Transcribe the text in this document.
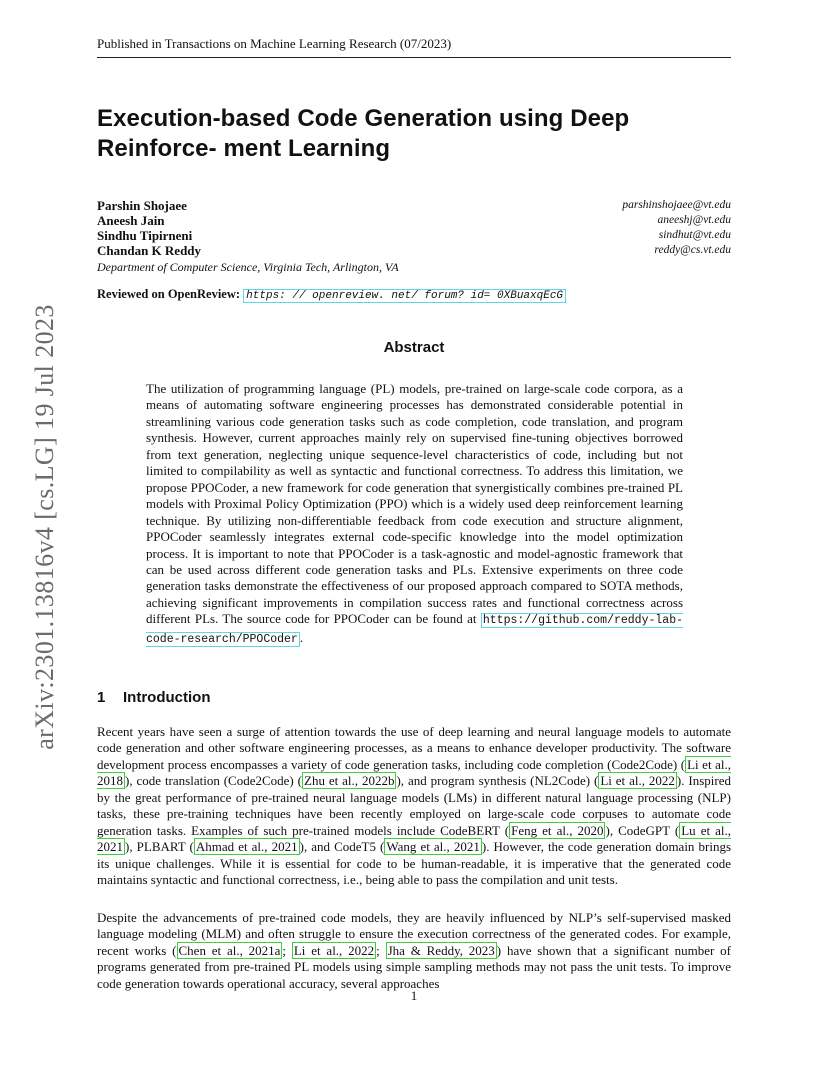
Published in Transactions on Machine Learning Research (07/2023)
Execution-based Code Generation using Deep Reinforce- ment Learning
Parshin Shojaee	parshinshojaee@vt.edu
Aneesh Jain	aneeshj@vt.edu
Sindhu Tipirneni	sindhut@vt.edu
Chandan K Reddy	reddy@cs.vt.edu
Department of Computer Science, Virginia Tech, Arlington, VA
Reviewed on OpenReview: https: // openreview. net/ forum? id= 0XBuaxqEcG
arXiv:2301.13816v4 [cs.LG] 19 Jul 2023	Abstract

The utilization of programming language (PL) models, pre-trained on large-scale code corpora, as a means of automating software engineering processes has demonstrated considerable potential in streamlining various code generation tasks such as code completion, code translation, and program synthesis. However, current approaches mainly rely on supervised fine-tuning objectives borrowed from text generation, neglecting unique sequence-level characteristics of code, including but not limited to compilability as well as syntactic and functional correctness. To address this limitation, we propose PPOCoder, a new framework for code generation that synergistically combines pre-trained PL models with Proximal Policy Optimization (PPO) which is a widely used deep reinforcement learning technique. By utilizing non-differentiable feedback from code execution and structure alignment, PPOCoder seamlessly integrates external code-specific knowledge into the model optimization process. It is important to note that PPOCoder is a task-agnostic and model-agnostic framework that can be used across different code generation tasks and PLs. Extensive experiments on three code generation tasks demonstrate the effectiveness of our proposed approach compared to SOTA methods, achieving significant improvements in compilation success rates and functional correctness across different PLs. The source code for PPOCoder can be found at https://github.com/reddy-lab-code-research/PPOCoder .

1 Introduction

Recent years have seen a surge of attention towards the use of deep learning and neural language models to automate code generation and other software engineering processes, as a means to enhance developer productivity. The software development process encompasses a variety of code generation tasks, including code completion (Code2Code) ( Li et al., 2018 ), code translation (Code2Code) ( Zhu et al., 2022b ), and program synthesis (NL2Code) ( Li et al., 2022 ). Inspired by the great performance of pre-trained neural language models (LMs) in different natural language processing (NLP) tasks, these pre-training techniques have been recently employed on large-scale code corpuses to automate code generation tasks. Examples of such pre-trained models include CodeBERT ( Feng et al., 2020 ), CodeGPT ( Lu et al., 2021 ), PLBART ( Ahmad et al., 2021 ), and CodeT5 ( Wang et al., 2021 ). However, the code generation domain brings its unique challenges. While it is essential for code to be human-readable, it is imperative that the generated code maintains syntactic and functional correctness, i.e., being able to pass the compilation and unit tests.

Despite the advancements of pre-trained code models, they are heavily influenced by NLP’s self-supervised masked language modeling (MLM) and often struggle to ensure the execution correctness of the generated codes. For example, recent works ( Chen et al., 2021a ; Li et al., 2022 ; Jha & Reddy, 2023 ) have shown that a significant number of programs generated from pre-trained PL models using simple sampling methods may not pass the unit tests. To improve code generation towards operational accuracy, several approaches

1
